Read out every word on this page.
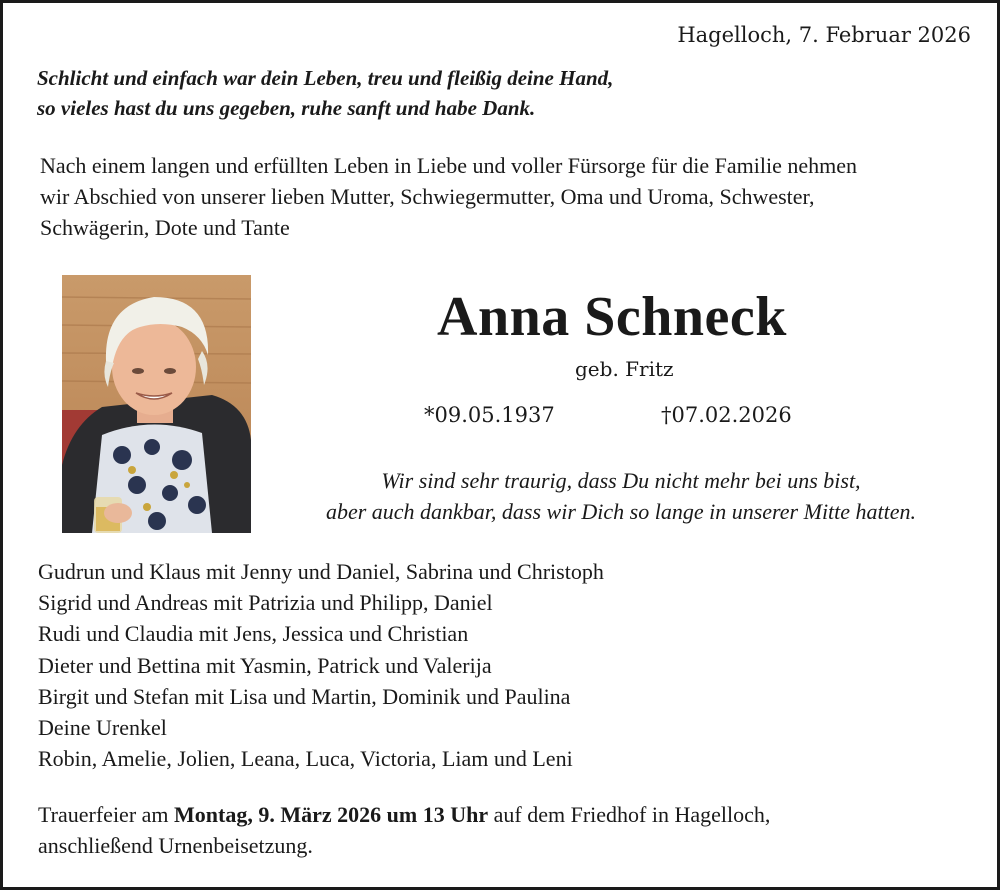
Hagelloch, 7. Februar 2026
Schlicht und einfach war dein Leben, treu und fleißig deine Hand,
so vieles hast du uns gegeben, ruhe sanft und habe Dank.
Nach einem langen und erfüllten Leben in Liebe und voller Fürsorge für die Familie nehmen
wir Abschied von unserer lieben Mutter, Schwiegermutter, Oma und Uroma, Schwester,
Schwägerin, Dote und Tante
Anna Schneck
geb. Fritz
*09.05.1937	†07.02.2026
Wir sind sehr traurig, dass Du nicht mehr bei uns bist,
aber auch dankbar, dass wir Dich so lange in unserer Mitte hatten.
Gudrun und Klaus mit Jenny und Daniel, Sabrina und Christoph
Sigrid und Andreas mit Patrizia und Philipp, Daniel
Rudi und Claudia mit Jens, Jessica und Christian
Dieter und Bettina mit Yasmin, Patrick und Valerija
Birgit und Stefan mit Lisa und Martin, Dominik und Paulina
Deine Urenkel
Robin, Amelie, Jolien, Leana, Luca, Victoria, Liam und Leni
Trauerfeier am Montag, 9. März 2026 um 13 Uhr auf dem Friedhof in Hagelloch,
anschließend Urnenbeisetzung.
